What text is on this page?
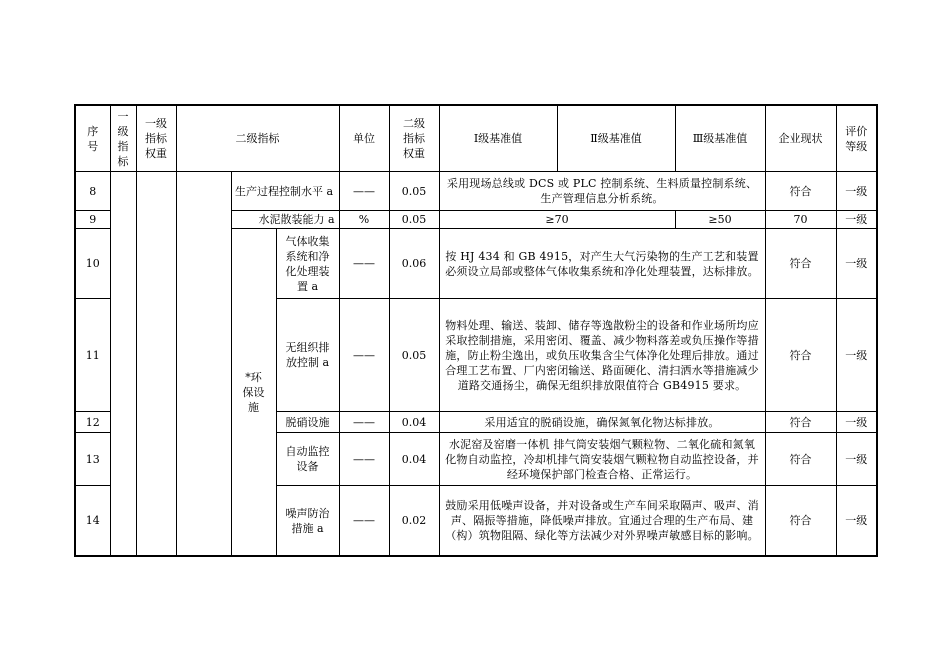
序号	一级指标	一级指标权重	二级指标			单位	二级指标权重	Ⅰ级基准值	Ⅱ级基准值	Ⅲ级基准值	企业现状	评价等级

8				生产过程控制水平 a		——	0.05	采用现场总线或 DCS 或 PLC 控制系统、生料质量控制系统、生产管理信息分析系统。			符合	一级
9				水泥散装能力 a		%	0.05	≥70		≥50	70	一级
10				*环保设施	气体收集系统和净化处理装置 a	——	0.06	按 HJ 434 和 GB 4915，对产生大气污染物的生产工艺和装置必须设立局部或整体气体收集系统和净化处理装置，达标排放。			符合	一级
11					无组织排放控制 a	——	0.05	物料处理、输送、装卸、储存等逸散粉尘的设备和作业场所均应采取控制措施，采用密闭、覆盖、减少物料落差或负压操作等措施，防止粉尘逸出，或负压收集含尘气体净化处理后排放。通过合理工艺布置、厂内密闭输送、路面硬化、清扫洒水等措施减少道路交通扬尘，确保无组织排放限值符合 GB4915 要求。			符合	一级
12					脱硝设施	——	0.04	采用适宜的脱硝设施，确保氮氧化物达标排放。			符合	一级
13					自动监控设备	——	0.04	水泥窑及窑磨一体机 排气筒安装烟气颗粒物、二氧化硫和氮氧化物自动监控，冷却机排气筒安装烟气颗粒物自动监控设备，并经环境保护部门检查合格、正常运行。			符合	一级
14					噪声防治措施 a	——	0.02	鼓励采用低噪声设备，并对设备或生产车间采取隔声、吸声、消声、隔振等措施，降低噪声排放。宜通过合理的生产布局、建（构）筑物阻隔、绿化等方法减少对外界噪声敏感目标的影响。			符合	一级
